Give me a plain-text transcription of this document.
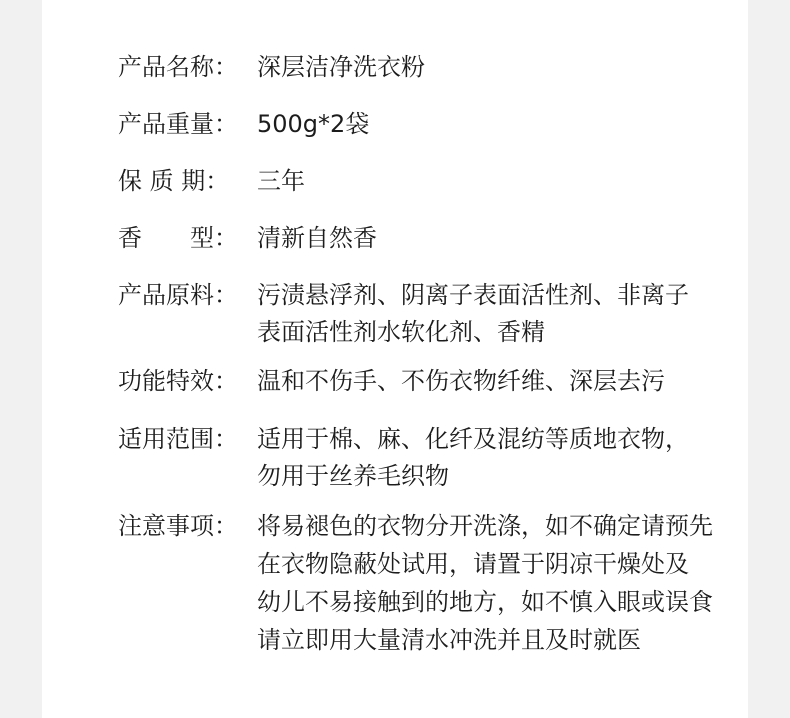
产品名称： 深层洁净洗衣粉
产品重量： 500g*2袋
保 质 期：	三年
香　　型： 清新自然香
产品原料： 污渍悬浮剂、阴离子表面活性剂、非离子
表面活性剂水软化剂、香精
功能特效： 温和不伤手、不伤衣物纤维、深层去污
适用范围： 适用于棉、麻、化纤及混纺等质地衣物，
勿用于丝养毛织物
注意事项： 将易褪色的衣物分开洗涤，如不确定请预先
在衣物隐蔽处试用，请置于阴凉干燥处及
幼儿不易接触到的地方，如不慎入眼或误食
请立即用大量清水冲洗并且及时就医
